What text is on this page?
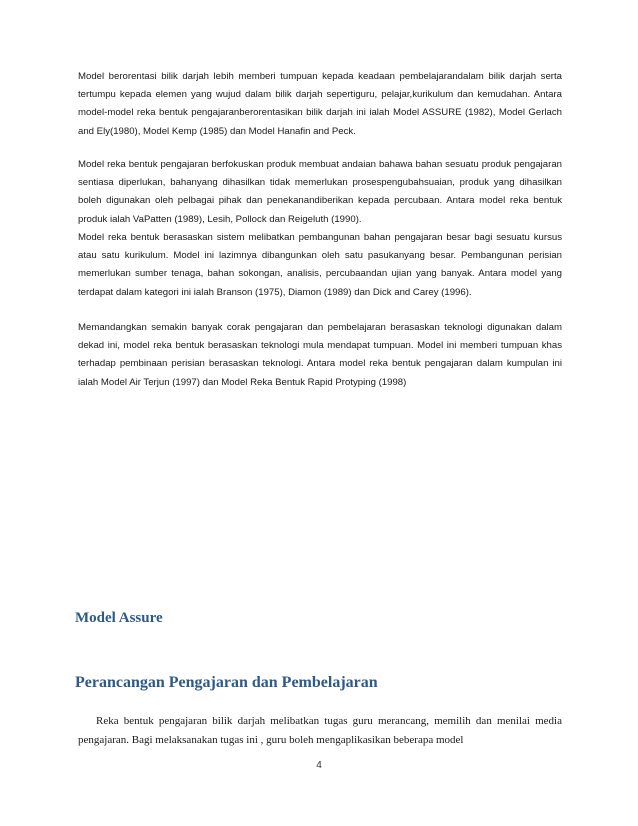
Model berorentasi bilik darjah lebih memberi tumpuan kepada keadaan pembelajarandalam bilik darjah serta tertumpu kepada elemen yang wujud dalam bilik darjah sepertiguru, pelajar,kurikulum dan kemudahan. Antara model-model reka bentuk pengajaranberorentasikan bilik darjah ini ialah Model ASSURE (1982), Model Gerlach and Ely(1980), Model Kemp (1985) dan Model Hanafin and Peck.

Model reka bentuk pengajaran berfokuskan produk membuat andaian bahawa bahan sesuatu produk pengajaran sentiasa diperlukan, bahanyang dihasilkan tidak memerlukan prosespengubahsuaian, produk yang dihasilkan boleh digunakan oleh pelbagai pihak dan penekanandiberikan kepada percubaan. Antara model reka bentuk produk ialah VaPatten (1989), Lesih, Pollock dan Reigeluth (1990).

Model reka bentuk berasaskan sistem melibatkan pembangunan bahan pengajaran besar bagi sesuatu kursus atau satu kurikulum. Model ini lazimnya dibangunkan oleh satu pasukanyang besar. Pembangunan perisian memerlukan sumber tenaga, bahan sokongan, analisis, percubaandan ujian yang banyak. Antara model yang terdapat dalam kategori ini ialah Branson (1975), Diamon (1989) dan Dick and Carey (1996).

Memandangkan semakin banyak corak pengajaran dan pembelajaran berasaskan teknologi digunakan dalam dekad ini, model reka bentuk berasaskan teknologi mula mendapat tumpuan. Model ini memberi tumpuan khas terhadap pembinaan perisian berasaskan teknologi. Antara model reka bentuk pengajaran dalam kumpulan ini ialah Model Air Terjun (1997) dan Model Reka Bentuk Rapid Protyping (1998)

Model Assure
Perancangan Pengajaran dan Pembelajaran

Reka bentuk pengajaran bilik darjah melibatkan tugas guru merancang, memilih dan menilai media pengajaran. Bagi melaksanakan tugas ini , guru boleh mengaplikasikan beberapa model

4
